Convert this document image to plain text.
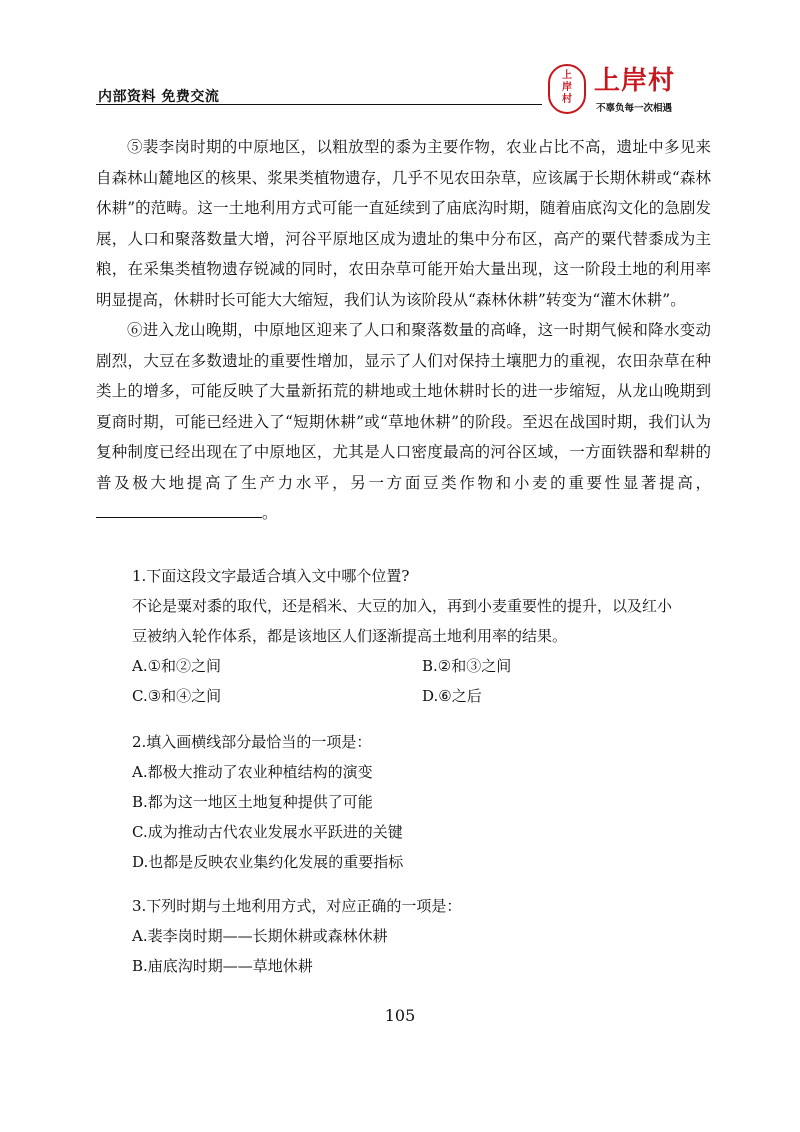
内部资料 免费交流
上
岸
村
上岸村
不辜负每一次相遇

⑤裴李岗时期的中原地区，以粗放型的黍为主要作物，农业占比不高，遗址中多见来自森林山麓地区的核果、浆果类植物遗存，几乎不见农田杂草，应该属于长期休耕或“森林休耕”的范畴。这一土地利用方式可能一直延续到了庙底沟时期，随着庙底沟文化的急剧发展，人口和聚落数量大增，河谷平原地区成为遗址的集中分布区，高产的粟代替黍成为主粮，在采集类植物遗存锐减的同时，农田杂草可能开始大量出现，这一阶段土地的利用率明显提高，休耕时长可能大大缩短，我们认为该阶段从“森林休耕”转变为“灌木休耕”。

⑥进入龙山晚期，中原地区迎来了人口和聚落数量的高峰，这一时期气候和降水变动剧烈，大豆在多数遗址的重要性增加，显示了人们对保持土壤肥力的重视，农田杂草在种类上的增多，可能反映了大量新拓荒的耕地或土地休耕时长的进一步缩短，从龙山晚期到夏商时期，可能已经进入了“短期休耕”或“草地休耕”的阶段。至迟在战国时期，我们认为复种制度已经出现在了中原地区，尤其是人口密度最高的河谷区域，一方面铁器和犁耕的普及极大地提高了生产力水平，另一方面豆类作物和小麦的重要性显著提高，。

1.下面这段文字最适合填入文中哪个位置?

不论是粟对黍的取代，还是稻米、大豆的加入，再到小麦重要性的提升，以及红小

豆被纳入轮作体系，都是该地区人们逐渐提高土地利用率的结果。

A.①和②之间	B.②和③之间
C.③和④之间	D.⑥之后

2.填入画横线部分最恰当的一项是：

A.都极大推动了农业种植结构的演变

B.都为这一地区土地复种提供了可能

C.成为推动古代农业发展水平跃进的关键

D.也都是反映农业集约化发展的重要指标

3.下列时期与土地利用方式，对应正确的一项是：

A.裴李岗时期——长期休耕或森林休耕

B.庙底沟时期——草地休耕

105
